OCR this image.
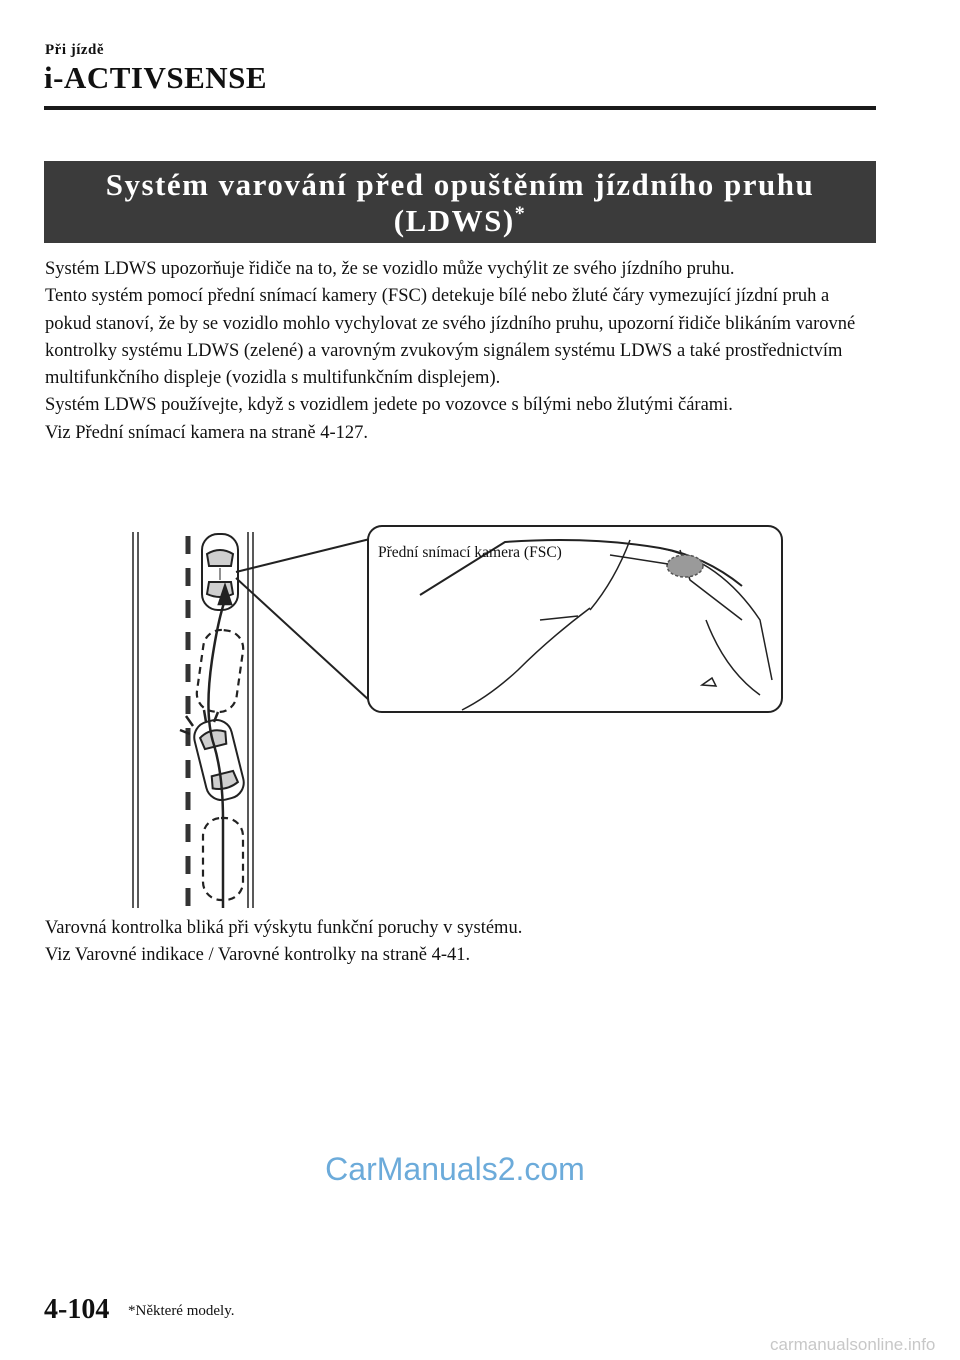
Při jízdě
i-ACTIVSENSE
Systém varování před opuštěním jízdního pruhu
(LDWS)*

Systém LDWS upozorňuje řidiče na to, že se vozidlo může vychýlit ze svého jízdního pruhu.

Tento systém pomocí přední snímací kamery (FSC) detekuje bílé nebo žluté čáry vymezující jízdní pruh a pokud stanoví, že by se vozidlo mohlo vychylovat ze svého jízdního pruhu, upozorní řidiče blikáním varovné kontrolky systému LDWS (zelené) a varovným zvukovým signálem systému LDWS a také prostřednictvím multifunkčního displeje (vozidla s multifunkčním displejem).

Systém LDWS používejte, když s vozidlem jedete po vozovce s bílými nebo žlutými čárami.

Viz Přední snímací kamera na straně 4-127.

Přední snímací kamera (FSC)

Varovná kontrolka bliká při výskytu funkční poruchy v systému.

Viz Varovné indikace / Varovné kontrolky na straně 4-41.

CarManuals2.com
4-104 *Některé modely.
carmanualsonline.info
